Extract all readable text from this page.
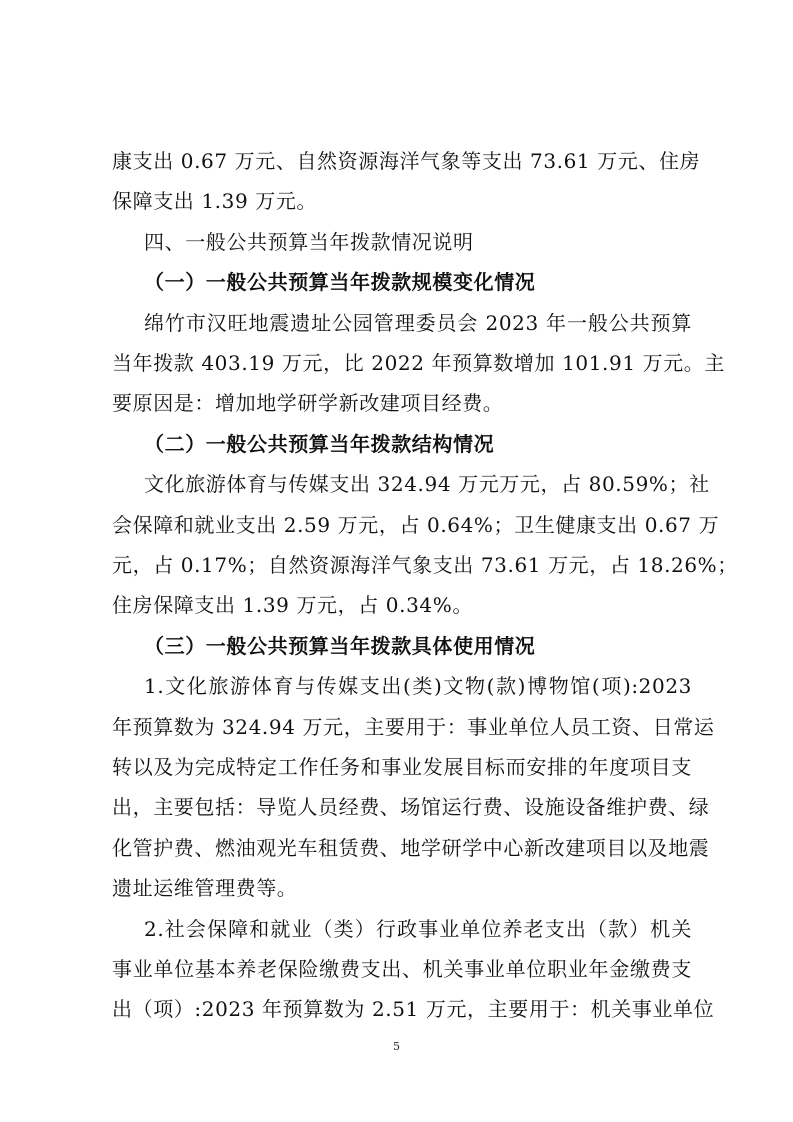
康支出 0.67 万元、自然资源海洋气象等支出 73.61 万元、住房
保障支出 1.39 万元。
四、一般公共预算当年拨款情况说明
（一）一般公共预算当年拨款规模变化情况
绵竹市汉旺地震遗址公园管理委员会 2023 年一般公共预算
当年拨款 403.19 万元，比 2022 年预算数增加 101.91 万元。主
要原因是：增加地学研学新改建项目经费。
（二）一般公共预算当年拨款结构情况
文化旅游体育与传媒支出 324.94 万元万元，占 80.59%；社
会保障和就业支出 2.59 万元，占 0.64%；卫生健康支出 0.67 万
元，占 0.17%；自然资源海洋气象支出 73.61 万元，占 18.26%；
住房保障支出 1.39 万元，占 0.34%。
（三）一般公共预算当年拨款具体使用情况
1.文化旅游体育与传媒支出(类)文物(款)博物馆(项):2023
年预算数为 324.94 万元，主要用于：事业单位人员工资、日常运
转以及为完成特定工作任务和事业发展目标而安排的年度项目支
出，主要包括：导览人员经费、场馆运行费、设施设备维护费、绿
化管护费、燃油观光车租赁费、地学研学中心新改建项目以及地震
遗址运维管理费等。
2.社会保障和就业（类）行政事业单位养老支出（款）机关
事业单位基本养老保险缴费支出、机关事业单位职业年金缴费支
出（项）:2023 年预算数为 2.51 万元，主要用于：机关事业单位
5
